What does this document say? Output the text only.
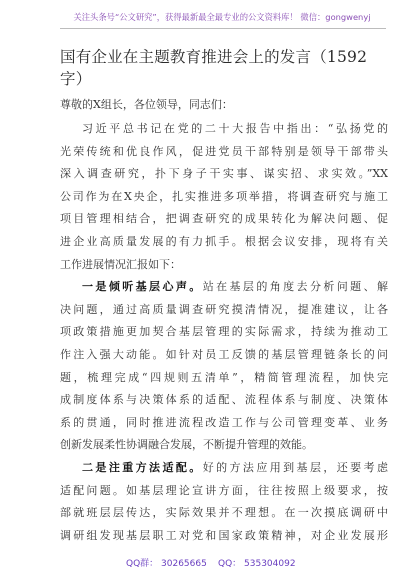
关注头条号“公文研究”，获得最新最全最专业的公文资料库！ 微信：gongwenyj
国有企业在主题教育推进会上的发言（1592字）
尊敬的X组长，各位领导，同志们：
习近平总书记在党的二十大报告中指出：“弘扬党的
光荣传统和优良作风，促进党员干部特别是领导干部带头
深入调查研究，扑下身子干实事、谋实招、求实效。”XX
公司作为在X央企，扎实推进多项举措，将调查研究与施工
项目管理相结合，把调查研究的成果转化为解决问题、促
进企业高质量发展的有力抓手。根据会议安排，现将有关
工作进展情况汇报如下：
一是倾听基层心声。站在基层的角度去分析问题、解
决问题，通过高质量调查研究摸清情况，提准建议，让各
项政策措施更加契合基层管理的实际需求，持续为推动工
作注入强大动能。如针对员工反馈的基层管理链条长的问
题，梳理完成“四规则五清单”，精简管理流程，加快完
成制度体系与决策体系的适配、流程体系与制度、决策体
系的贯通，同时推进流程改造工作与公司管理变革、业务
创新发展柔性协调融合发展，不断提升管理的效能。
二是注重方法适配。好的方法应用到基层，还要考虑
适配问题。如基层理论宣讲方面，往往按照上级要求，按
部就班层层传达，实际效果并不理想。在一次摸底调研中
调研组发现基层职工对党和国家政策精神，对企业发展形
QQ群： 30265665 QQ： 535304092
